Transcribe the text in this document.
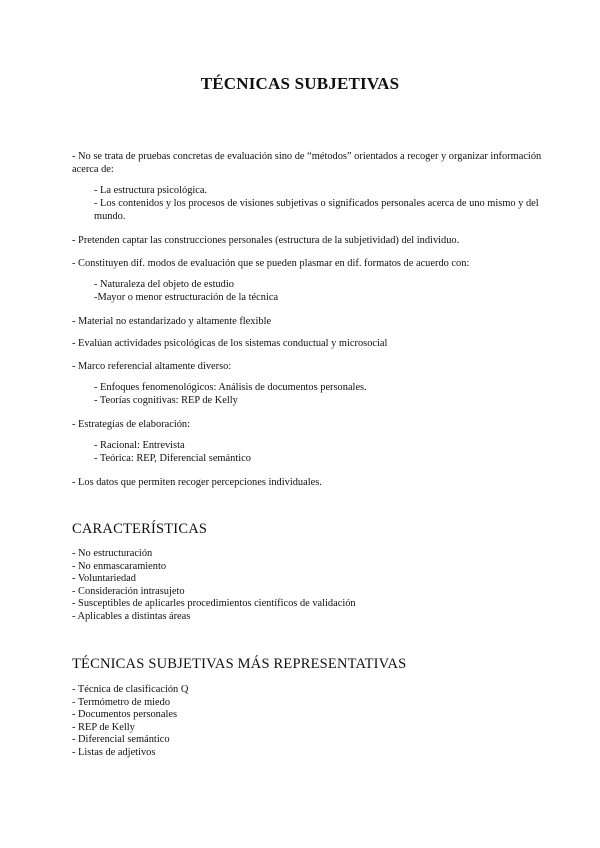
TÉCNICAS SUBJETIVAS

- No se trata de pruebas concretas de evaluación sino de “métodos” orientados a recoger y organizar información acerca de:

- La estructura psicológica.

- Los contenidos y los procesos de visiones subjetivas o significados personales acerca de uno mismo y del mundo.

- Pretenden captar las construcciones personales (estructura de la subjetividad) del individuo.

- Constituyen dif. modos de evaluación que se pueden plasmar en dif. formatos de acuerdo con:

- Naturaleza del objeto de estudio

-Mayor o menor estructuración de la técnica

- Material no estandarizado y altamente flexible

- Evalúan actividades psicológicas de los sistemas conductual y microsocial

- Marco referencial altamente diverso:

- Enfoques fenomenológicos: Análisis de documentos personales.

- Teorías cognitivas: REP de Kelly

- Estrategias de elaboración:

- Racional: Entrevista

- Teórica: REP, Diferencial semántico

- Los datos que permiten recoger percepciones individuales.

CARACTERÍSTICAS
- No estructuración
- No enmascaramiento
- Voluntariedad
- Consideración intrasujeto
- Susceptibles de aplicarles procedimientos científicos de validación
- Aplicables a distintas áreas
TÉCNICAS SUBJETIVAS MÁS REPRESENTATIVAS
- Técnica de clasificación Q
- Termómetro de miedo
- Documentos personales
- REP de Kelly
- Diferencial semántico
- Listas de adjetivos
